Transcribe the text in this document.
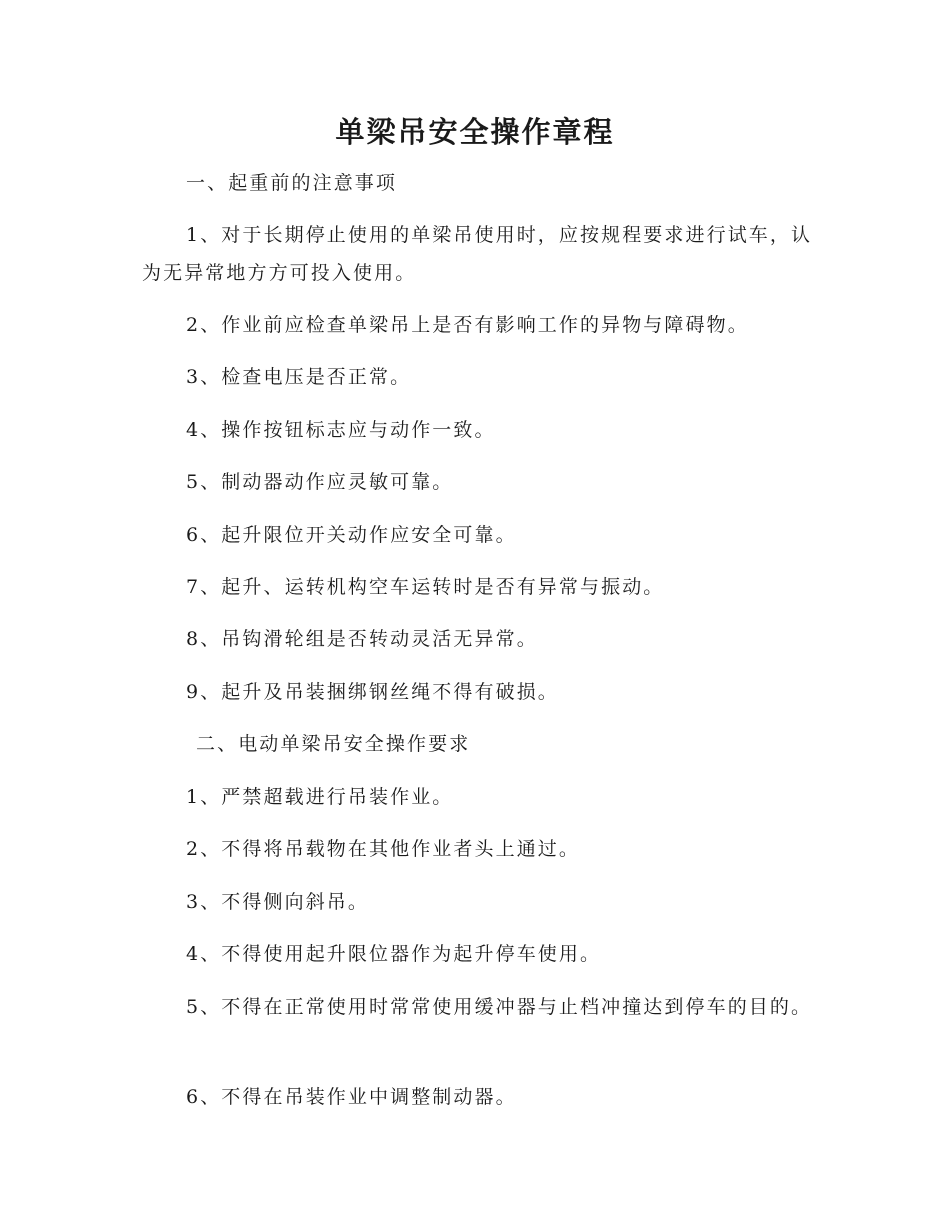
单梁吊安全操作章程

一、起重前的注意事项

1、对于长期停止使用的单梁吊使用时，应按规程要求进行试车，认为无异常地方方可投入使用。

2、作业前应检查单梁吊上是否有影响工作的异物与障碍物。

3、检查电压是否正常。

4、操作按钮标志应与动作一致。

5、制动器动作应灵敏可靠。

6、起升限位开关动作应安全可靠。

7、起升、运转机构空车运转时是否有异常与振动。

8、吊钩滑轮组是否转动灵活无异常。

9、起升及吊装捆绑钢丝绳不得有破损。

二、电动单梁吊安全操作要求

1、严禁超载进行吊装作业。

2、不得将吊载物在其他作业者头上通过。

3、不得侧向斜吊。

4、不得使用起升限位器作为起升停车使用。

5、不得在正常使用时常常使用缓冲器与止档冲撞达到停车的目的。

6、不得在吊装作业中调整制动器。
